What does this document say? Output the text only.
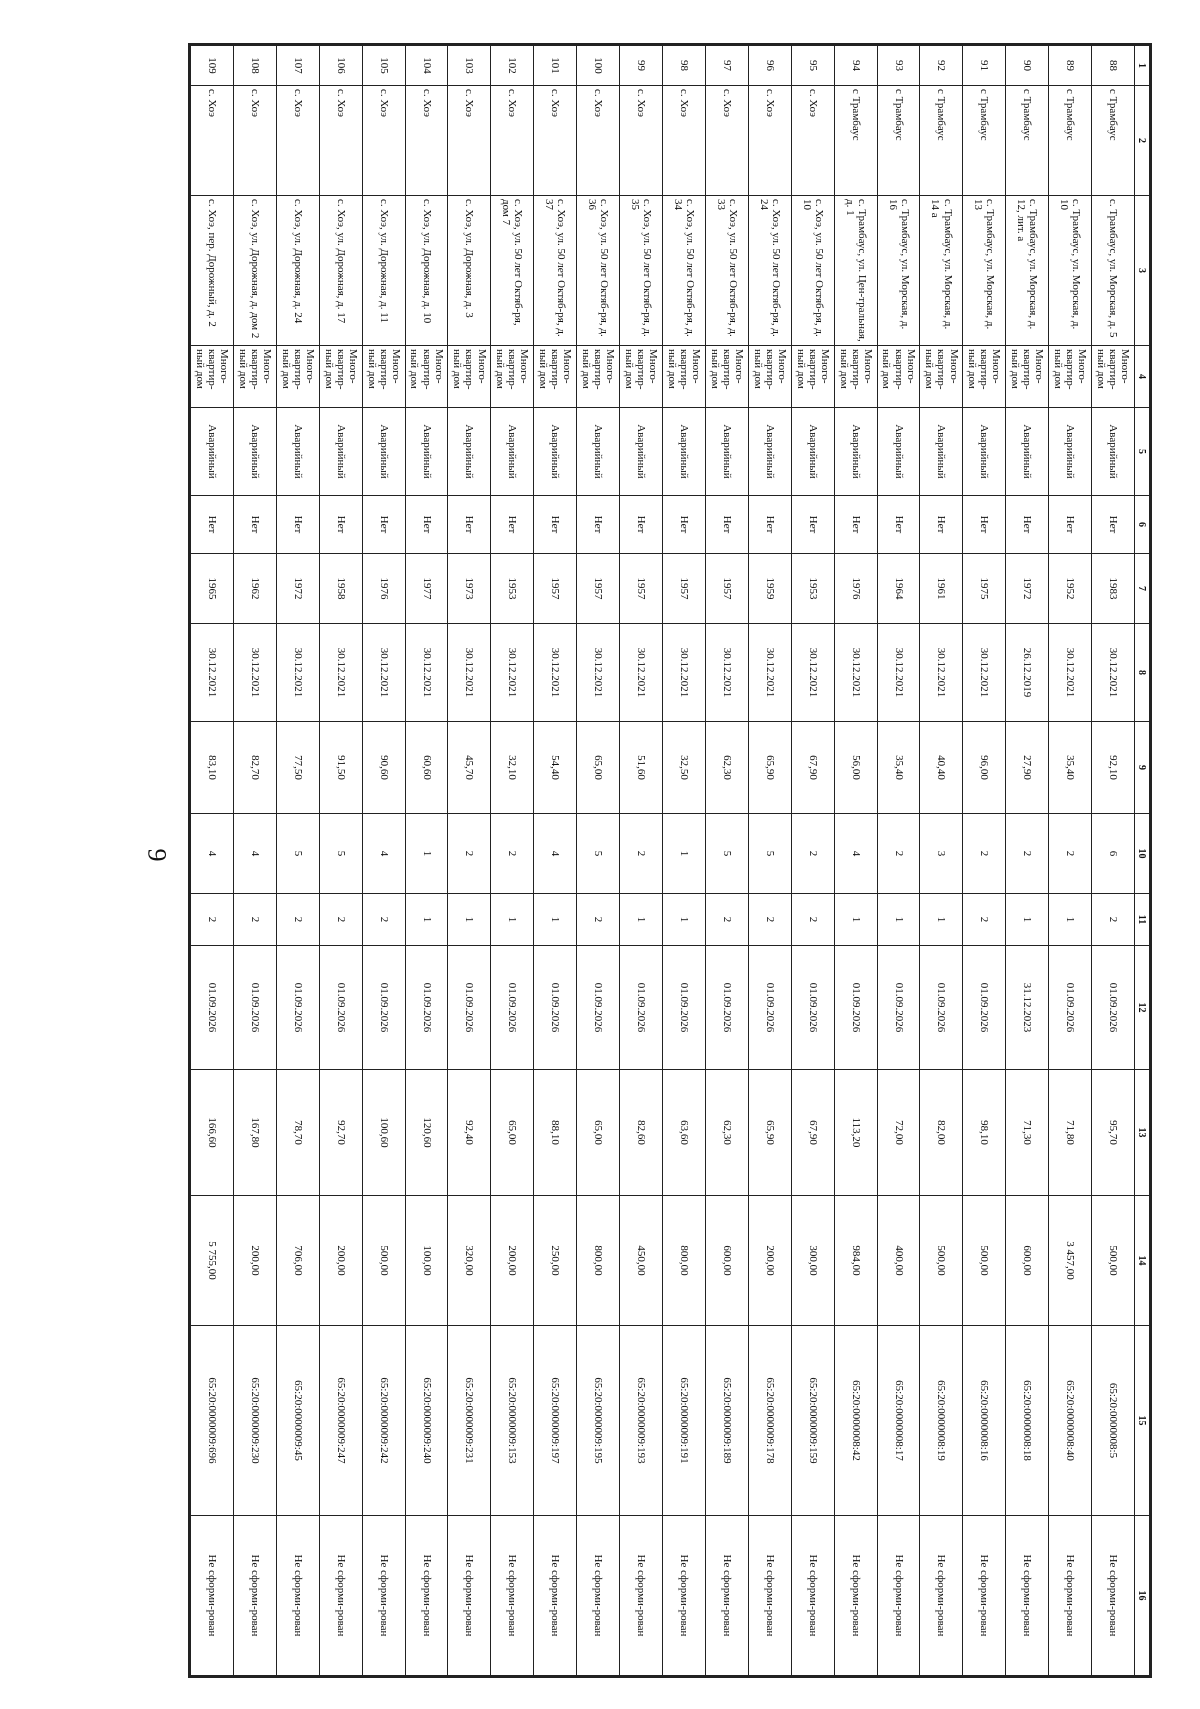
9
1	2	3	4	5	6	7	8	9	10	11	12	13	14	15	16
88	с Трамбаус	с. Трамбаус, ул. Морская, д. 5	Много-квартир-ный дом	Аварийный	Нет	1983	30.12.2021	92,10	6	2	01.09.2026	95,70	500,00	65:20:0000008:5	Не сформи-рован
89	с Трамбаус	с. Трамбаус, ул. Морская, д. 10	Много-квартир-ный дом	Аварийный	Нет	1952	30.12.2021	35,40	2	1	01.09.2026	71,80	3 457,00	65:20:0000008:40	Не сформи-рован
90	с Трамбаус	с. Трамбаус, ул. Морская, д. 12, лит. а	Много-квартир-ный дом	Аварийный	Нет	1972	26.12.2019	27,90	2	1	31.12.2023	71,30	600,00	65:20:0000008:18	Не сформи-рован
91	с Трамбаус	с. Трамбаус, ул. Морская, д. 13	Много-квартир-ный дом	Аварийный	Нет	1975	30.12.2021	96,00	2	2	01.09.2026	98,10	500,00	65:20:0000008:16	Не сформи-рован
92	с Трамбаус	с. Трамбаус, ул. Морская, д. 14 а	Много-квартир-ный дом	Аварийный	Нет	1961	30.12.2021	40,40	3	1	01.09.2026	82,00	500,00	65:20:0000008:19	Не сформи-рован
93	с Трамбаус	с. Трамбаус, ул. Морская, д. 16	Много-квартир-ный дом	Аварийный	Нет	1964	30.12.2021	35,40	2	1	01.09.2026	72,00	400,00	65:20:0000008:17	Не сформи-рован
94	с Трамбаус	с. Трамбаус, ул. Цен-тральная, д. 1	Много-квартир-ный дом	Аварийный	Нет	1976	30.12.2021	56,00	4	1	01.09.2026	113,20	984,00	65:20:0000008:42	Не сформи-рован
95	с. Хоэ	с. Хоэ, ул. 50 лет Октяб-ря, д. 10	Много-квартир-ный дом	Аварийный	Нет	1953	30.12.2021	67,90	2	2	01.09.2026	67,90	300,00	65:20:0000009:159	Не сформи-рован
96	с. Хоэ	с. Хоэ, ул. 50 лет Октяб-ря, д. 24	Много-квартир-ный дом	Аварийный	Нет	1959	30.12.2021	65,90	5	2	01.09.2026	65,90	200,00	65:20:0000009:178	Не сформи-рован
97	с. Хоэ	с. Хоэ, ул. 50 лет Октяб-ря, д. 33	Много-квартир-ный дом	Аварийный	Нет	1957	30.12.2021	62,30	5	2	01.09.2026	62,30	600,00	65:20:0000009:189	Не сформи-рован
98	с. Хоэ	с. Хоэ, ул. 50 лет Октяб-ря, д. 34	Много-квартир-ный дом	Аварийный	Нет	1957	30.12.2021	32,50	1	1	01.09.2026	63,60	800,00	65:20:0000009:191	Не сформи-рован
99	с. Хоэ	с. Хоэ, ул. 50 лет Октяб-ря, д. 35	Много-квартир-ный дом	Аварийный	Нет	1957	30.12.2021	51,60	2	1	01.09.2026	82,60	450,00	65:20:0000009:193	Не сформи-рован
100	с. Хоэ	с. Хоэ, ул. 50 лет Октяб-ря, д. 36	Много-квартир-ный дом	Аварийный	Нет	1957	30.12.2021	65,00	5	2	01.09.2026	65,00	800,00	65:20:0000009:195	Не сформи-рован
101	с. Хоэ	с. Хоэ, ул. 50 лет Октяб-ря, д. 37	Много-квартир-ный дом	Аварийный	Нет	1957	30.12.2021	54,40	4	1	01.09.2026	88,10	250,00	65:20:0000009:197	Не сформи-рован
102	с. Хоэ	с. Хоэ, ул. 50 лет Октяб-ря, дом 7	Много-квартир-ный дом	Аварийный	Нет	1953	30.12.2021	32,10	2	1	01.09.2026	65,00	200,00	65:20:0000009:153	Не сформи-рован
103	с. Хоэ	с. Хоэ, ул. Дорожная, д. 3	Много-квартир-ный дом	Аварийный	Нет	1973	30.12.2021	45,70	2	1	01.09.2026	92,40	320,00	65:20:0000009:231	Не сформи-рован
104	с. Хоэ	с. Хоэ, ул. Дорожная, д. 10	Много-квартир-ный дом	Аварийный	Нет	1977	30.12.2021	60,60	1	1	01.09.2026	120,60	100,00	65:20:0000009:240	Не сформи-рован
105	с. Хоэ	с. Хоэ, ул. Дорожная, д. 11	Много-квартир-ный дом	Аварийный	Нет	1976	30.12.2021	90,60	4	2	01.09.2026	100,60	500,00	65:20:0000009:242	Не сформи-рован
106	с. Хоэ	с. Хоэ, ул. Дорожная, д. 17	Много-квартир-ный дом	Аварийный	Нет	1958	30.12.2021	91,50	5	2	01.09.2026	92,70	200,00	65:20:0000009:247	Не сформи-рован
107	с. Хоэ	с. Хоэ, ул. Дорожная, д. 24	Много-квартир-ный дом	Аварийный	Нет	1972	30.12.2021	77,50	5	2	01.09.2026	78,70	706,00	65:20:0000009:45	Не сформи-рован
108	с. Хоэ	с. Хоэ, ул. Дорожная, д. дом 2	Много-квартир-ный дом	Аварийный	Нет	1962	30.12.2021	82,70	4	2	01.09.2026	167,80	200,00	65:20:0000009:230	Не сформи-рован
109	с. Хоэ	с. Хоэ, пер. Дорожный, д. 2	Много-квартир-ный дом	Аварийный	Нет	1965	30.12.2021	83,10	4	2	01.09.2026	166,60	5 755,00	65:20:0000009:696	Не сформи-рован
